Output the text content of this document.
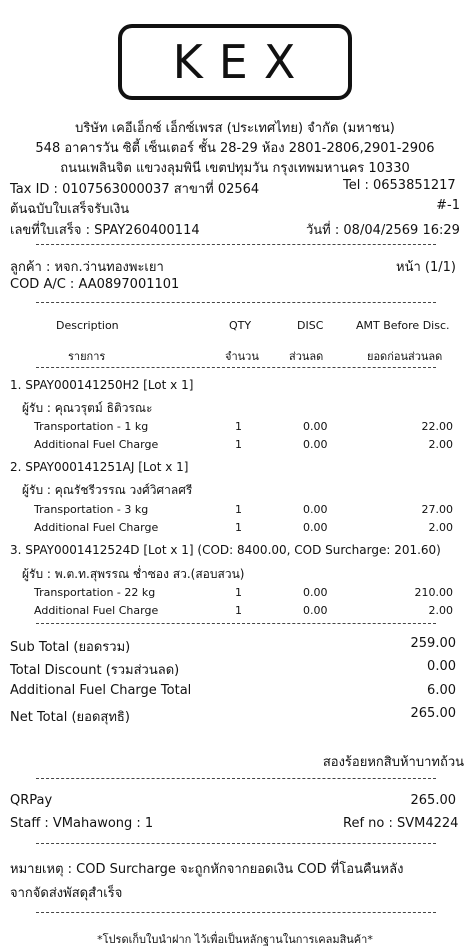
KEX
บริษัท เคอีเอ็กซ์ เอ็กซ์เพรส (ประเทศไทย) จำกัด (มหาชน)
548 อาคารวัน ซิตี้ เซ็นเตอร์ ชั้น 28-29 ห้อง 2801-2806,2901-2906
ถนนเพลินจิต แขวงลุมพินี เขตปทุมวัน กรุงเทพมหานคร 10330
Tax ID : 0107563000037 สาขาที่ 02564	Tel : 0653851217
ต้นฉบับใบเสร็จรับเงิน	#-1
เลขที่ใบเสร็จ : SPAY260400114	วันที่ : 08/04/2569 16:29
ลูกค้า : หจก.ว่านทองพะเยา	หน้า (1/1)
COD A/C : AA0897001101
Description	QTY	DISC	AMT Before Disc.
รายการ	จำนวน	ส่วนลด	ยอดก่อนส่วนลด
1. SPAY000141250H2 [Lot x 1]
ผู้รับ : คุณวรุตม์ ธิติวรณะ
Transportation - 1 kg	1	0.00	22.00
Additional Fuel Charge	1	0.00	2.00
2. SPAY000141251AJ [Lot x 1]
ผู้รับ : คุณรัชรีวรรณ วงศ์วิศาลศรี
Transportation - 3 kg	1	0.00	27.00
Additional Fuel Charge	1	0.00	2.00
3. SPAY0001412524D [Lot x 1] (COD: 8400.00, COD Surcharge: 201.60)
ผู้รับ : พ.ต.ท.สุพรรณ ช่ำซอง สว.(สอบสวน)
Transportation - 22 kg	1	0.00	210.00
Additional Fuel Charge	1	0.00	2.00
Sub Total (ยอดรวม)	259.00
Total Discount (รวมส่วนลด)	0.00
Additional Fuel Charge Total	6.00
Net Total (ยอดสุทธิ)	265.00
สองร้อยหกสิบห้าบาทถ้วน
QRPay	265.00
Staff : VMahawong : 1	Ref no : SVM4224
หมายเหตุ : COD Surcharge จะถูกหักจากยอดเงิน COD ที่โอนคืนหลัง
จากจัดส่งพัสดุสำเร็จ
*โปรดเก็บใบนำฝาก ไว้เพื่อเป็นหลักฐานในการเคลมสินค้า*
